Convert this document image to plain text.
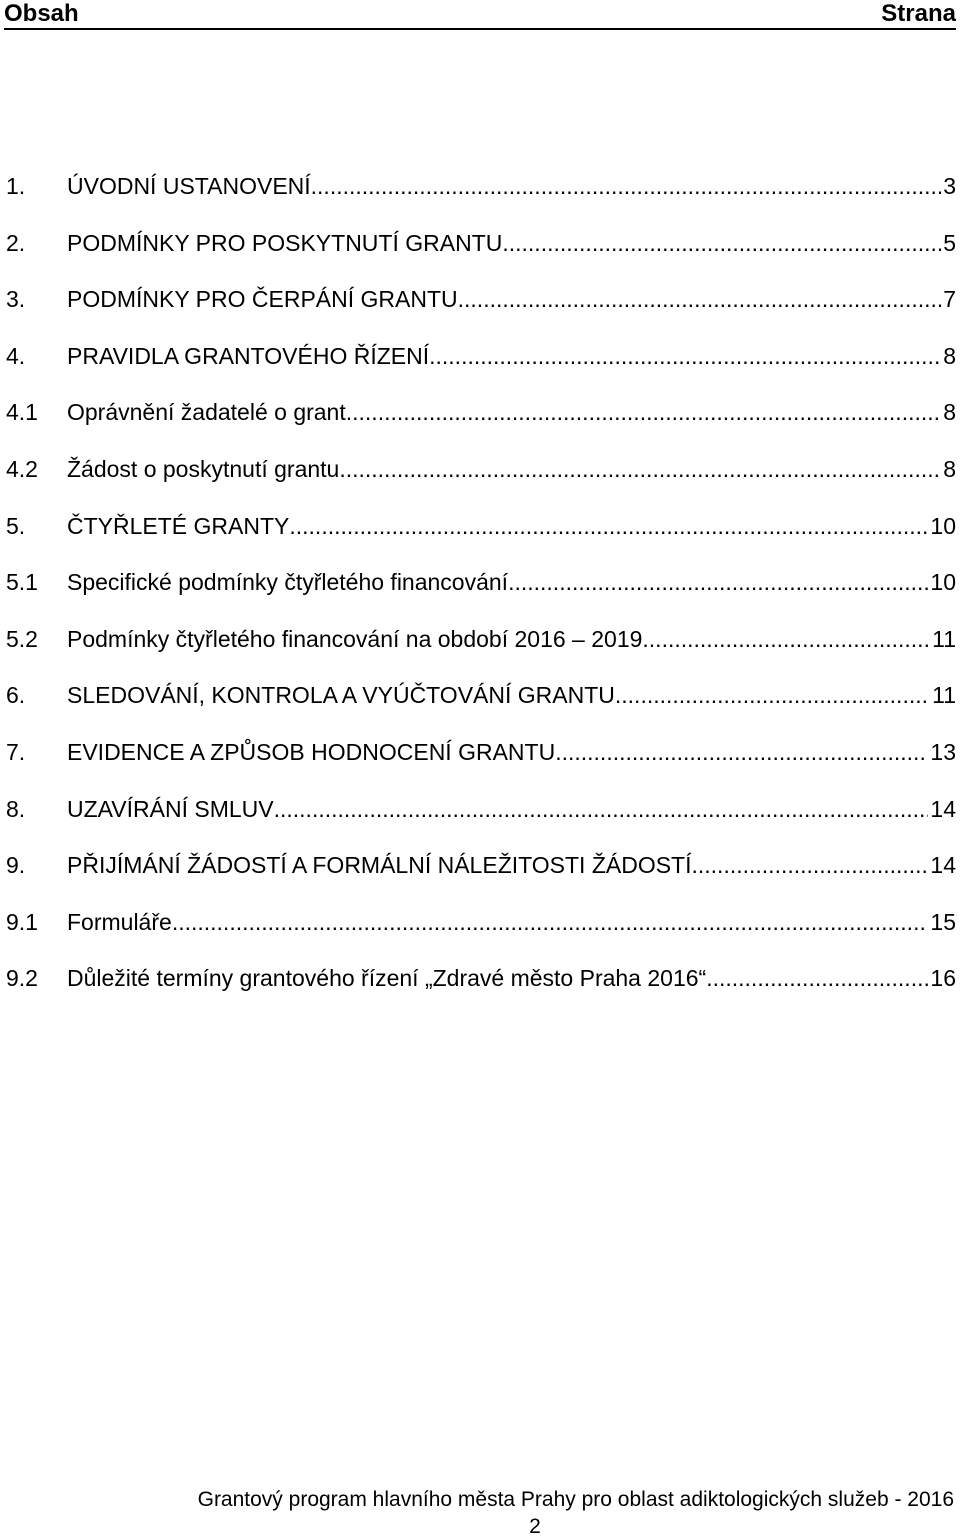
Obsah	Strana
1.	ÚVODNÍ USTANOVENÍ .....	3
2.	PODMÍNKY PRO POSKYTNUTÍ GRANTU .....	5
3.	PODMÍNKY PRO ČERPÁNÍ GRANTU .....	7
4.	PRAVIDLA GRANTOVÉHO ŘÍZENÍ .....	8
4.1	Oprávnění žadatelé o grant .....	8
4.2	Žádost o poskytnutí grantu .....	8
5.	ČTYŘLETÉ GRANTY .....	10
5.1	Specifické podmínky čtyřletého financování .....	10
5.2	Podmínky čtyřletého financování na období 2016 – 2019 .....	11
6.	SLEDOVÁNÍ, KONTROLA A VYÚČTOVÁNÍ GRANTU .....	11
7.	EVIDENCE A ZPŮSOB HODNOCENÍ GRANTU .....	13
8.	UZAVÍRÁNÍ SMLUV .....	14
9.	PŘIJÍMÁNÍ ŽÁDOSTÍ A FORMÁLNÍ NÁLEŽITOSTI ŽÁDOSTÍ .....	14
9.1	Formuláře .....	15
9.2	Důležité termíny grantového řízení „Zdravé město Praha 2016“ .....	16
Grantový program hlavního města Prahy pro oblast adiktologických služeb - 2016
2
